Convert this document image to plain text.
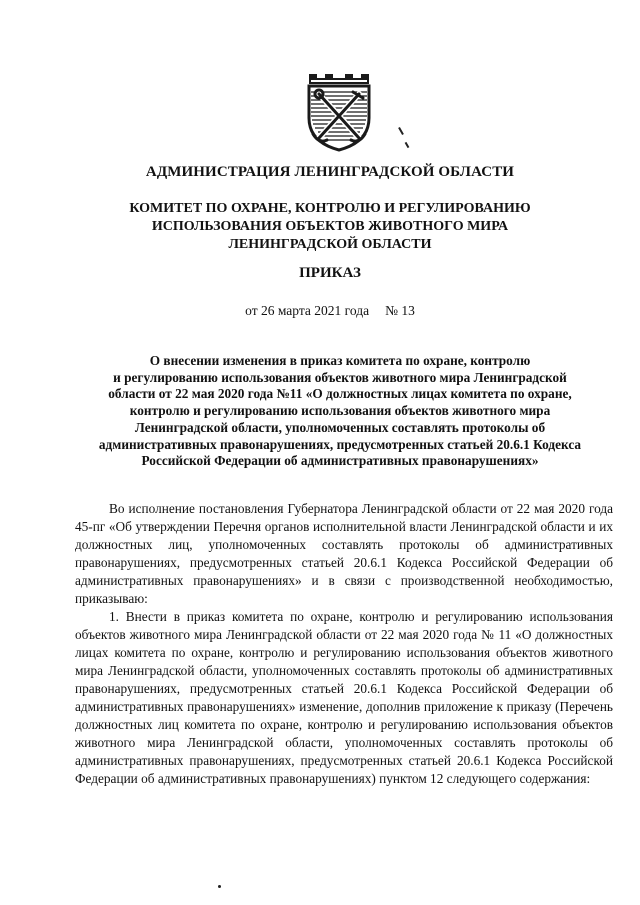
АДМИНИСТРАЦИЯ ЛЕНИНГРАДСКОЙ ОБЛАСТИ
КОМИТЕТ ПО ОХРАНЕ, КОНТРОЛЮ И РЕГУЛИРОВАНИЮ
ИСПОЛЬЗОВАНИЯ ОБЪЕКТОВ ЖИВОТНОГО МИРА
ЛЕНИНГРАДСКОЙ ОБЛАСТИ
ПРИКАЗ
от 26 марта 2021 года № 13
О внесении изменения в приказ комитета по охране, контролю
и регулированию использования объектов животного мира Ленинградской
области от 22 мая 2020 года №11 «О должностных лицах комитета по охране,
контролю и регулированию использования объектов животного мира
Ленинградской области, уполномоченных составлять протоколы об
административных правонарушениях, предусмотренных статьей 20.6.1 Кодекса
Российской Федерации об административных правонарушениях»

Во исполнение постановления Губернатора Ленинградской области от 22 мая 2020 года 45-пг «Об утверждении Перечня органов исполнительной власти Ленинградской области и их должностных лиц, уполномоченных составлять протоколы об административных правонарушениях, предусмотренных статьей 20.6.1 Кодекса Российской Федерации об административных правонарушениях» и в связи с производственной необходимостью, приказываю:

1. Внести в приказ комитета по охране, контролю и регулированию использования объектов животного мира Ленинградской области от 22 мая 2020 года № 11 «О должностных лицах комитета по охране, контролю и регулированию использования объектов животного мира Ленинградской области, уполномоченных составлять протоколы об административных правонарушениях, предусмотренных статьей 20.6.1 Кодекса Российской Федерации об административных правонарушениях» изменение, дополнив приложение к приказу (Перечень должностных лиц комитета по охране, контролю и регулированию использования объектов животного мира Ленинградской области, уполномоченных составлять протоколы об административных правонарушениях, предусмотренных статьей 20.6.1 Кодекса Российской Федерации об административных правонарушениях) пунктом 12 следующего содержания:
